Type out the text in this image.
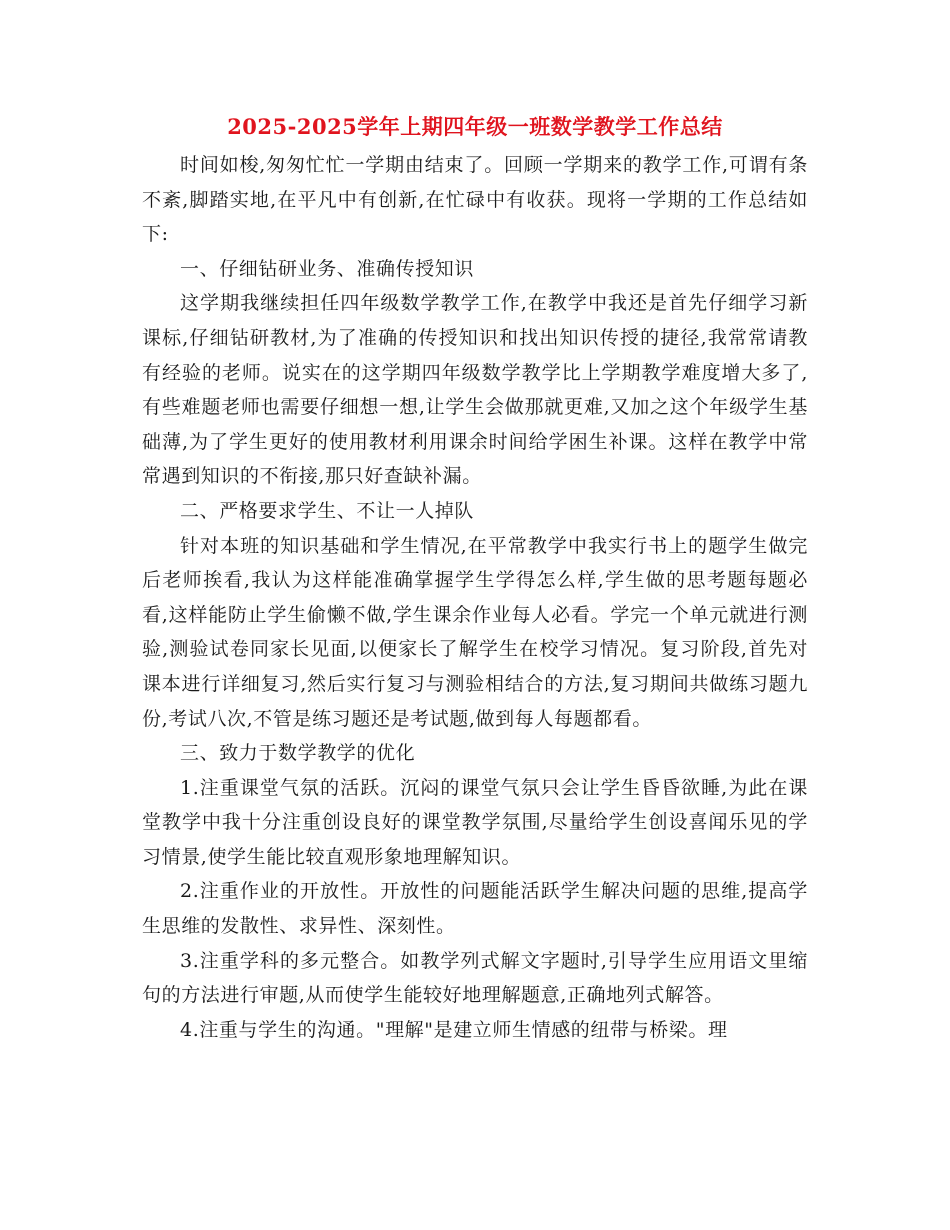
2025-2025学年上期四年级一班数学教学工作总结

时间如梭,匆匆忙忙一学期由结束了。回顾一学期来的教学工作,可谓有条不紊,脚踏实地,在平凡中有创新,在忙碌中有收获。现将一学期的工作总结如下:

一、仔细钻研业务、准确传授知识

这学期我继续担任四年级数学教学工作,在教学中我还是首先仔细学习新课标,仔细钻研教材,为了准确的传授知识和找出知识传授的捷径,我常常请教有经验的老师。说实在的这学期四年级数学教学比上学期教学难度增大多了,有些难题老师也需要仔细想一想,让学生会做那就更难,又加之这个年级学生基础薄,为了学生更好的使用教材利用课余时间给学困生补课。这样在教学中常常遇到知识的不衔接,那只好查缺补漏。

二、严格要求学生、不让一人掉队

针对本班的知识基础和学生情况,在平常教学中我实行书上的题学生做完后老师挨看,我认为这样能准确掌握学生学得怎么样,学生做的思考题每题必看,这样能防止学生偷懒不做,学生课余作业每人必看。学完一个单元就进行测验,测验试卷同家长见面,以便家长了解学生在校学习情况。复习阶段,首先对课本进行详细复习,然后实行复习与测验相结合的方法,复习期间共做练习题九份,考试八次,不管是练习题还是考试题,做到每人每题都看。

三、致力于数学教学的优化

1.注重课堂气氛的活跃。沉闷的课堂气氛只会让学生昏昏欲睡,为此在课堂教学中我十分注重创设良好的课堂教学氛围,尽量给学生创设喜闻乐见的学习情景,使学生能比较直观形象地理解知识。

2.注重作业的开放性。开放性的问题能活跃学生解决问题的思维,提高学生思维的发散性、求异性、深刻性。

3.注重学科的多元整合。如教学列式解文字题时,引导学生应用语文里缩句的方法进行审题,从而使学生能较好地理解题意,正确地列式解答。

4.注重与学生的沟通。"理解"是建立师生情感的纽带与桥梁。理
